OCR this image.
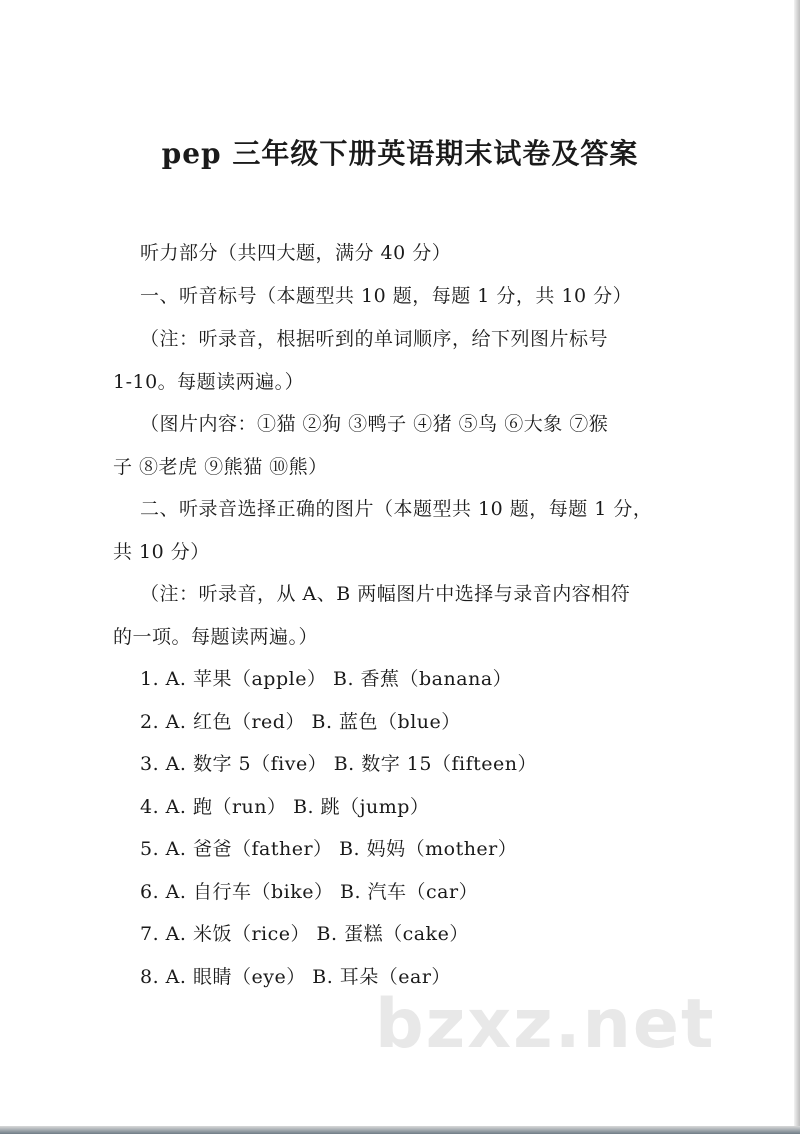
pep 三年级下册英语期末试卷及答案
听力部分（共四大题，满分 40 分）
一、听音标号（本题型共 10 题，每题 1 分，共 10 分）
（注：听录音，根据听到的单词顺序，给下列图片标号
1-10。每题读两遍。）
（图片内容：①猫 ②狗 ③鸭子 ④猪 ⑤鸟 ⑥大象 ⑦猴
子 ⑧老虎 ⑨熊猫 ⑩熊）
二、听录音选择正确的图片（本题型共 10 题，每题 1 分，
共 10 分）
（注：听录音，从 A、B 两幅图片中选择与录音内容相符
的一项。每题读两遍。）
1. A. 苹果（apple） B. 香蕉（banana）
2. A. 红色（red） B. 蓝色（blue）
3. A. 数字 5（five） B. 数字 15（fifteen）
4. A. 跑（run） B. 跳（jump）
5. A. 爸爸（father） B. 妈妈（mother）
6. A. 自行车（bike） B. 汽车（car）
7. A. 米饭（rice） B. 蛋糕（cake）
8. A. 眼睛（eye） B. 耳朵（ear）
bzxz.net
